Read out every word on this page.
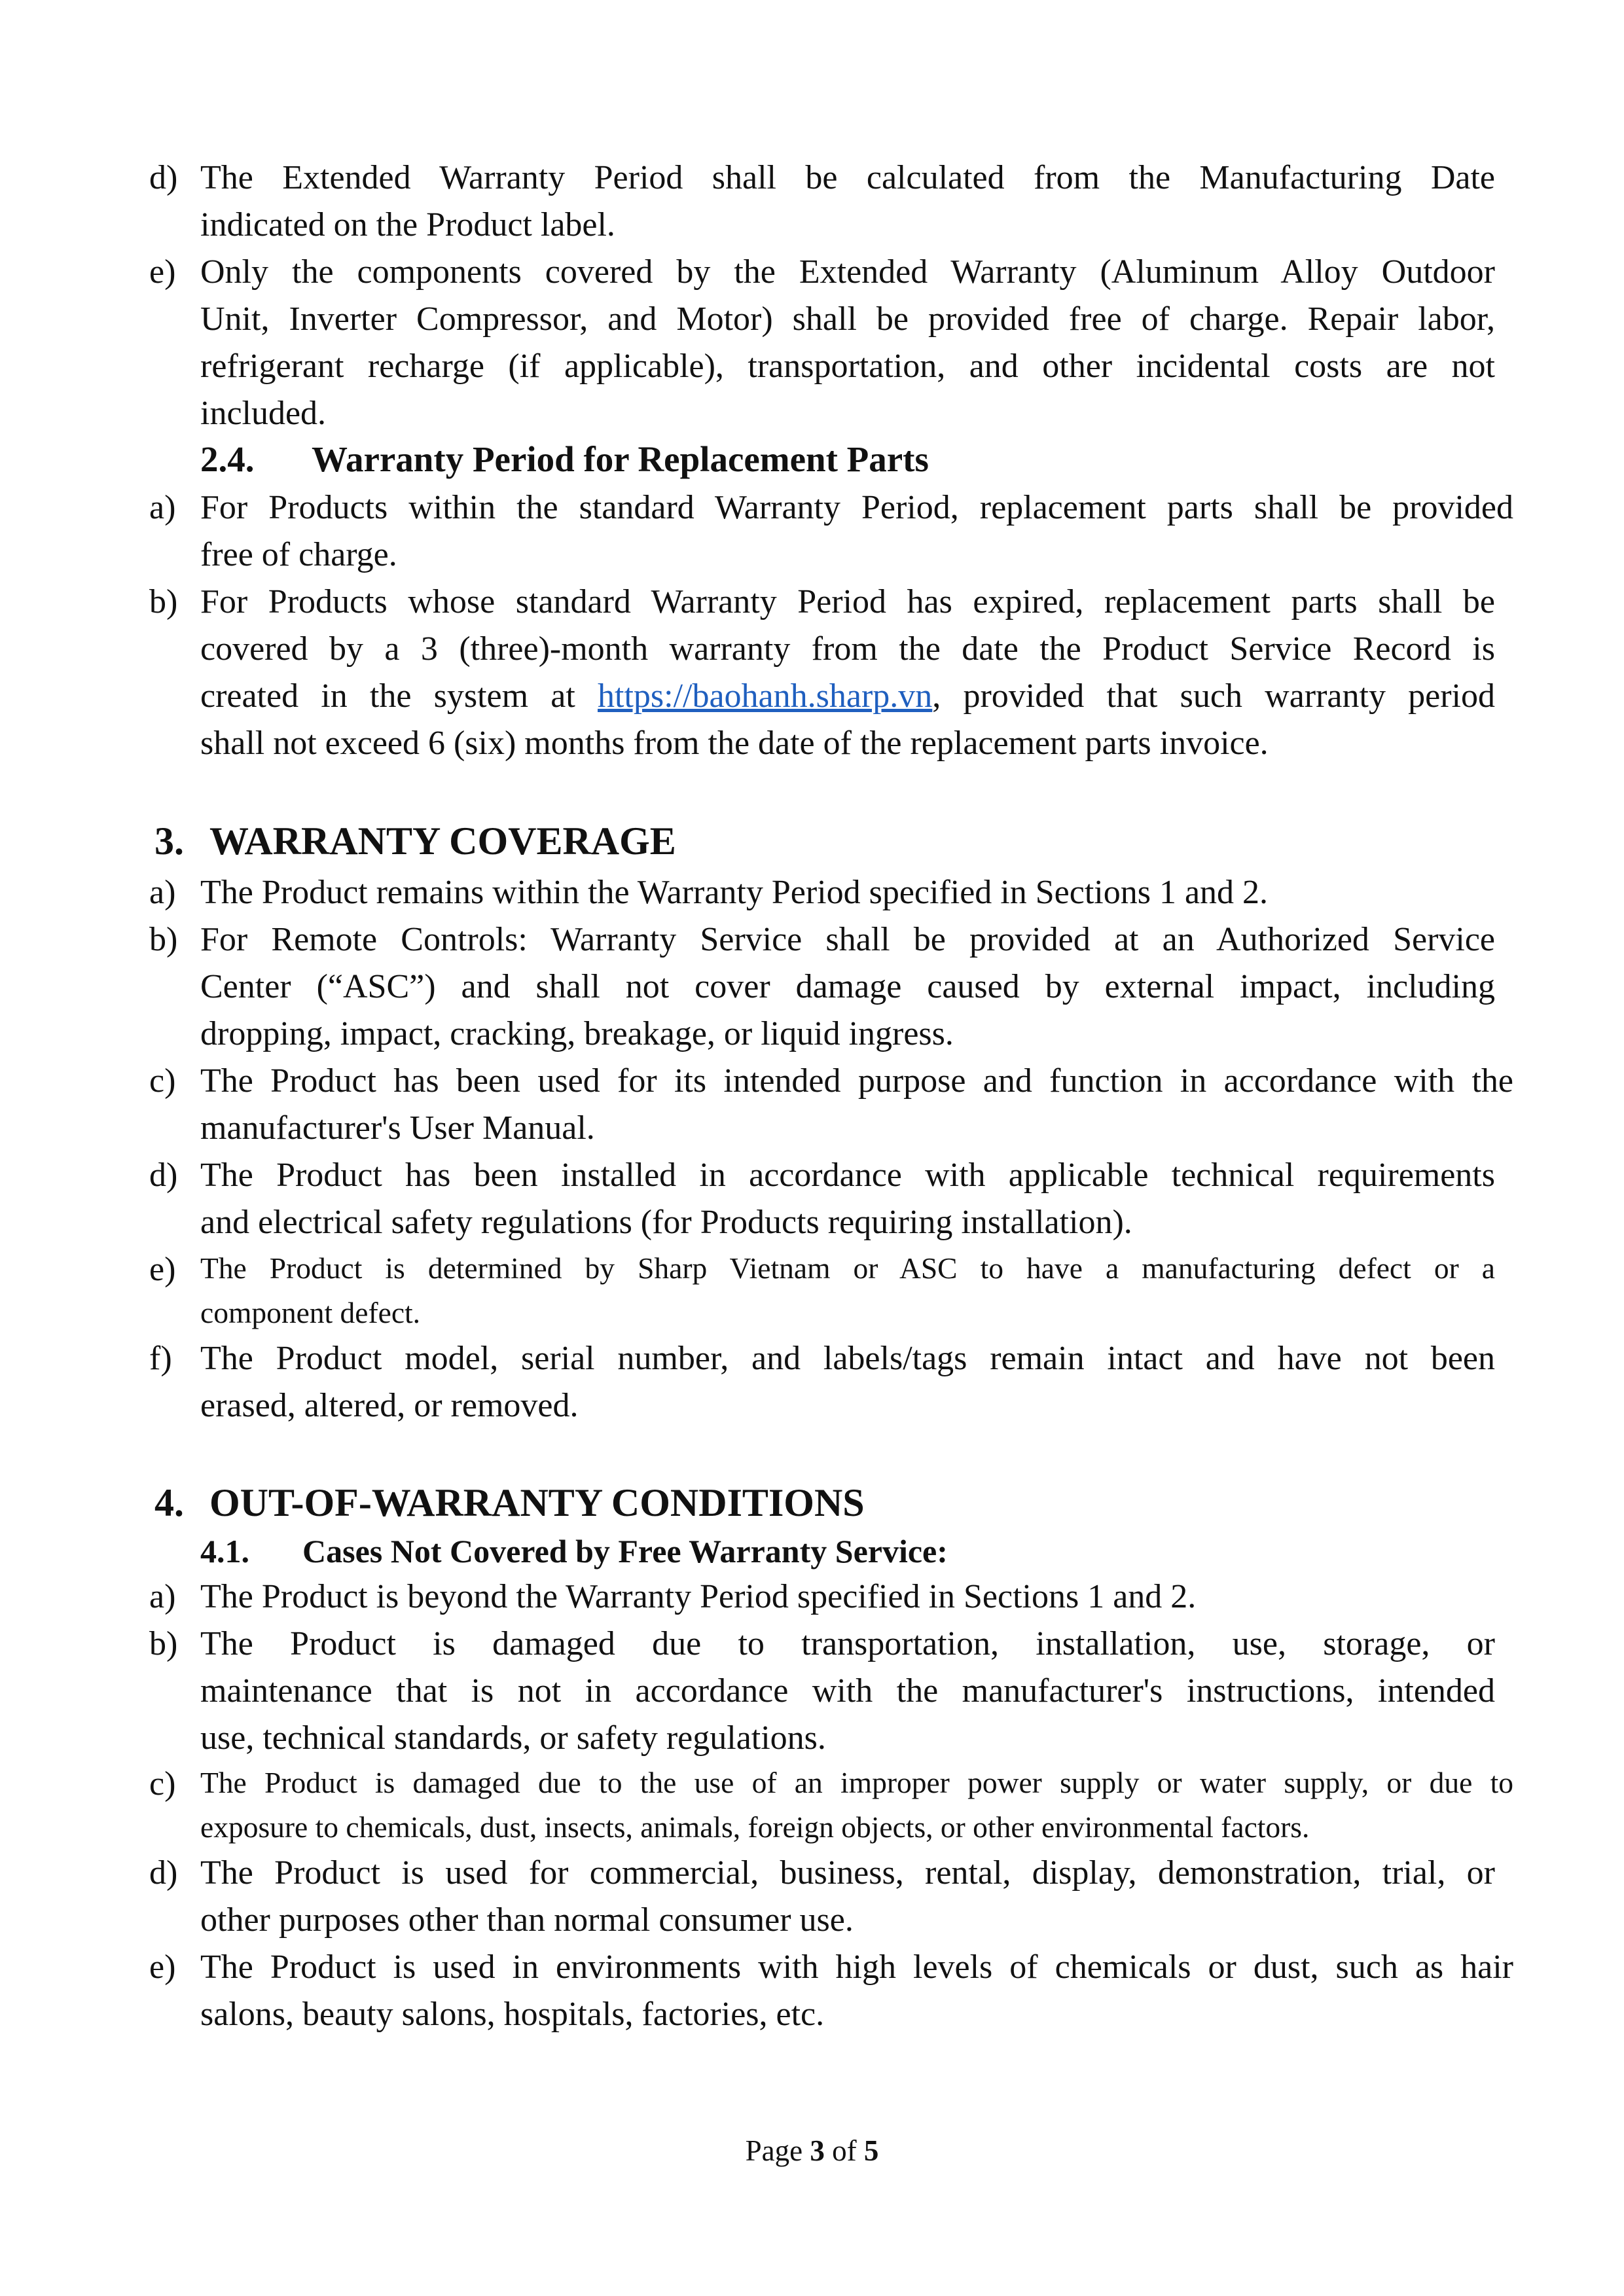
d) The Extended Warranty Period shall be calculated from the Manufacturing Date
indicated on the Product label.
e) Only the components covered by the Extended Warranty (Aluminum Alloy Outdoor
Unit, Inverter Compressor, and Motor) shall be provided free of charge. Repair labor,
refrigerant recharge (if applicable), transportation, and other incidental costs are not
included.
2.4. Warranty Period for Replacement Parts
a) For Products within the standard Warranty Period, replacement parts shall be provided
free of charge.
b) For Products whose standard Warranty Period has expired, replacement parts shall be
covered by a 3 (three)-month warranty from the date the Product Service Record is
created in the system at https://baohanh.sharp.vn, provided that such warranty period
shall not exceed 6 (six) months from the date of the replacement parts invoice.
3. WARRANTY COVERAGE
a) The Product remains within the Warranty Period specified in Sections 1 and 2.
b) For Remote Controls: Warranty Service shall be provided at an Authorized Service
Center (“ASC”) and shall not cover damage caused by external impact, including
dropping, impact, cracking, breakage, or liquid ingress.
c) The Product has been used for its intended purpose and function in accordance with the
manufacturer's User Manual.
d) The Product has been installed in accordance with applicable technical requirements
and electrical safety regulations (for Products requiring installation).
e) The Product is determined by Sharp Vietnam or ASC to have a manufacturing defect or a
component defect.
f) The Product model, serial number, and labels/tags remain intact and have not been
erased, altered, or removed.
4. OUT-OF-WARRANTY CONDITIONS
4.1. Cases Not Covered by Free Warranty Service:
a) The Product is beyond the Warranty Period specified in Sections 1 and 2.
b) The Product is damaged due to transportation, installation, use, storage, or
maintenance that is not in accordance with the manufacturer's instructions, intended
use, technical standards, or safety regulations.
c) The Product is damaged due to the use of an improper power supply or water supply, or due to
exposure to chemicals, dust, insects, animals, foreign objects, or other environmental factors.
d) The Product is used for commercial, business, rental, display, demonstration, trial, or
other purposes other than normal consumer use.
e) The Product is used in environments with high levels of chemicals or dust, such as hair
salons, beauty salons, hospitals, factories, etc.
Page 3 of 5
